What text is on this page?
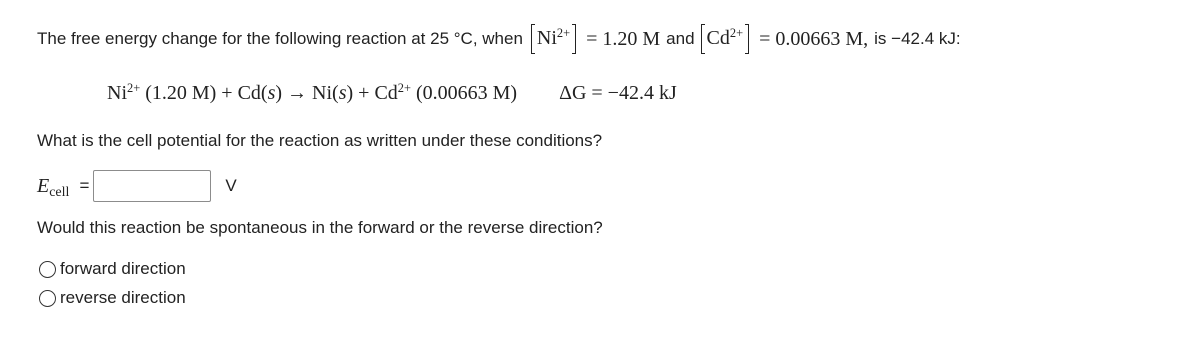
The free energy change for the following reaction at 25 °C, when $Ni^{2+} = 1.20$ M and $Cd^{2+} = 0.00663$ M, is −42.4 kJ:
$Ni^{2+}$ (1.20 $M) + Cd(s) \to Ni(s) + Cd^{2+}$ (0.00663 M) ΔG = −42.4 kJ
What is the cell potential for the reaction as written under these conditions?
$E_{cell}$ =	V
Would this reaction be spontaneous in the forward or the reverse direction?
forward direction
reverse direction
